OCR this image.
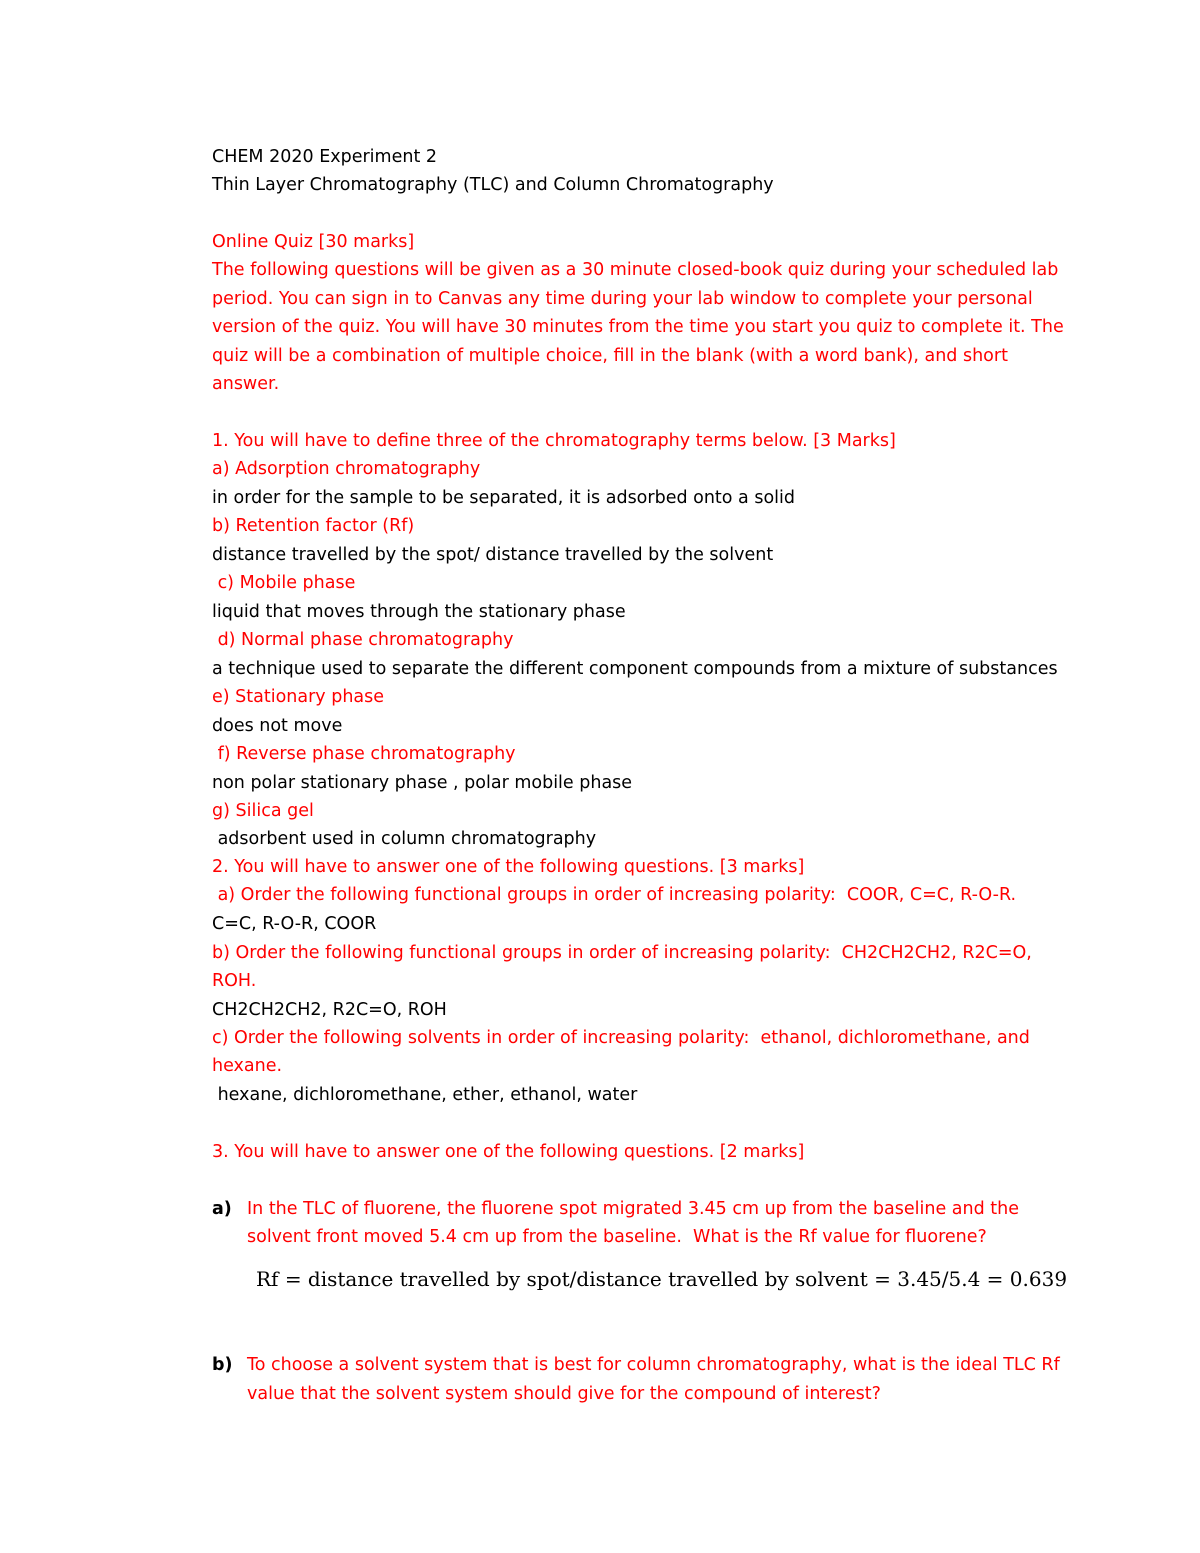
CHEM 2020 Experiment 2
Thin Layer Chromatography (TLC) and Column Chromatography
Online Quiz [30 marks]
The following questions will be given as a 30 minute closed-book quiz during your scheduled lab
period. You can sign in to Canvas any time during your lab window to complete your personal
version of the quiz. You will have 30 minutes from the time you start you quiz to complete it. The
quiz will be a combination of multiple choice, fill in the blank (with a word bank), and short
answer.
1. You will have to define three of the chromatography terms below. [3 Marks]
a) Adsorption chromatography
in order for the sample to be separated, it is adsorbed onto a solid
b) Retention factor (Rf)
distance travelled by the spot/ distance travelled by the solvent
c) Mobile phase
liquid that moves through the stationary phase
d) Normal phase chromatography
a technique used to separate the different component compounds from a mixture of substances
e) Stationary phase
does not move
f) Reverse phase chromatography
non polar stationary phase , polar mobile phase
g) Silica gel
adsorbent used in column chromatography
2. You will have to answer one of the following questions. [3 marks]
a) Order the following functional groups in order of increasing polarity:  COOR, C=C, R-O-R.
C=C, R-O-R, COOR
b) Order the following functional groups in order of increasing polarity:  CH2CH2CH2, R2C=O,
ROH.
CH2CH2CH2, R2C=O, ROH
c) Order the following solvents in order of increasing polarity:  ethanol, dichloromethane, and
hexane.
hexane, dichloromethane, ether, ethanol, water
3. You will have to answer one of the following questions. [2 marks]
a) In the TLC of fluorene, the fluorene spot migrated 3.45 cm up from the baseline and the
solvent front moved 5.4 cm up from the baseline.  What is the Rf value for fluorene?
Rf = distance travelled by spot/distance travelled by solvent = 3.45/5.4 = 0.639
b) To choose a solvent system that is best for column chromatography, what is the ideal TLC Rf
value that the solvent system should give for the compound of interest?
